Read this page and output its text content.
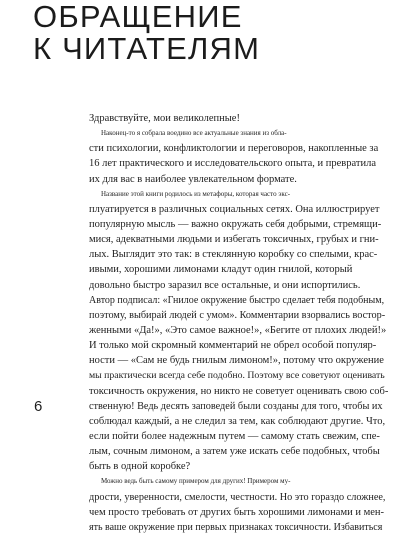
ОБРАЩЕНИЕ
К ЧИТАТЕЛЯМ
Здравствуйте, мои великолепные!
Наконец-то я собрала воедино все актуальные знания из обла-
сти психологии, конфликтологии и переговоров, накопленные за
16 лет практического и исследовательского опыта, и превратила
их для вас в наиболее увлекательном формате.
Название этой книги родилось из метафоры, которая часто экс-
плуатируется в различных социальных сетях. Она иллюстрирует
популярную мысль — важно окружать себя добрыми, стремящи-
мися, адекватными людьми и избегать токсичных, грубых и гни-
лых. Выглядит это так: в стеклянную коробку со спелыми, крас-
ивыми, хорошими лимонами кладут один гнилой, который
довольно быстро заразил все остальные, и они испортились.
Автор подписал: «Гнилое окружение быстро сделает тебя подобным,
поэтому, выбирай людей с умом». Комментарии взорвались востор-
женными «Да!», «Это самое важное!», «Бегите от плохих людей!»
И только мой скромный комментарий не обрел особой популяр-
ности — «Сам не будь гнилым лимоном!», потому что окружение
мы практически всегда себе подобно. Поэтому все советуют оценивать
токсичность окружения, но никто не советует оценивать свою соб-
ственную! Ведь десять заповедей были созданы для того, чтобы их
соблюдал каждый, а не следил за тем, как соблюдают другие. Что,
если пойти более надежным путем — самому стать свежим, спе-
лым, сочным лимоном, а затем уже искать себе подобных, чтобы
быть в одной коробке?
Можно ведь быть самому примером для других! Примером му-
дрости, уверенности, смелости, честности. Но это гораздо сложнее,
чем просто требовать от других быть хорошими лимонами и мен-
ять ваше окружение при первых признаках токсичности. Избавиться
6
